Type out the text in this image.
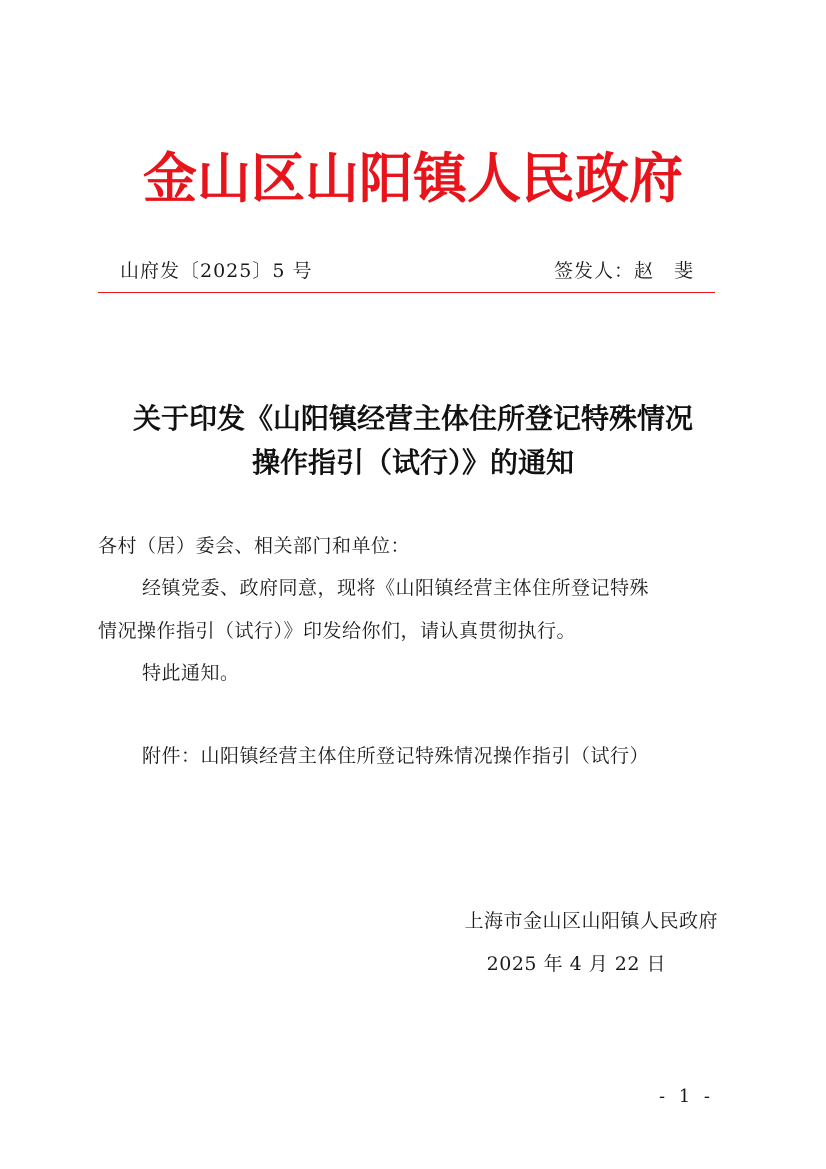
金山区山阳镇人民政府
山府发〔2025〕5 号	签发人：赵　斐
关于印发《山阳镇经营主体住所登记特殊情况
操作指引（试行）》的通知
各村（居）委会、相关部门和单位：
经镇党委、政府同意，现将《山阳镇经营主体住所登记特殊
情况操作指引（试行）》印发给你们，请认真贯彻执行。
特此通知。
附件：山阳镇经营主体住所登记特殊情况操作指引（试行）
上海市金山区山阳镇人民政府
2025 年 4 月 22 日
- 1 -
